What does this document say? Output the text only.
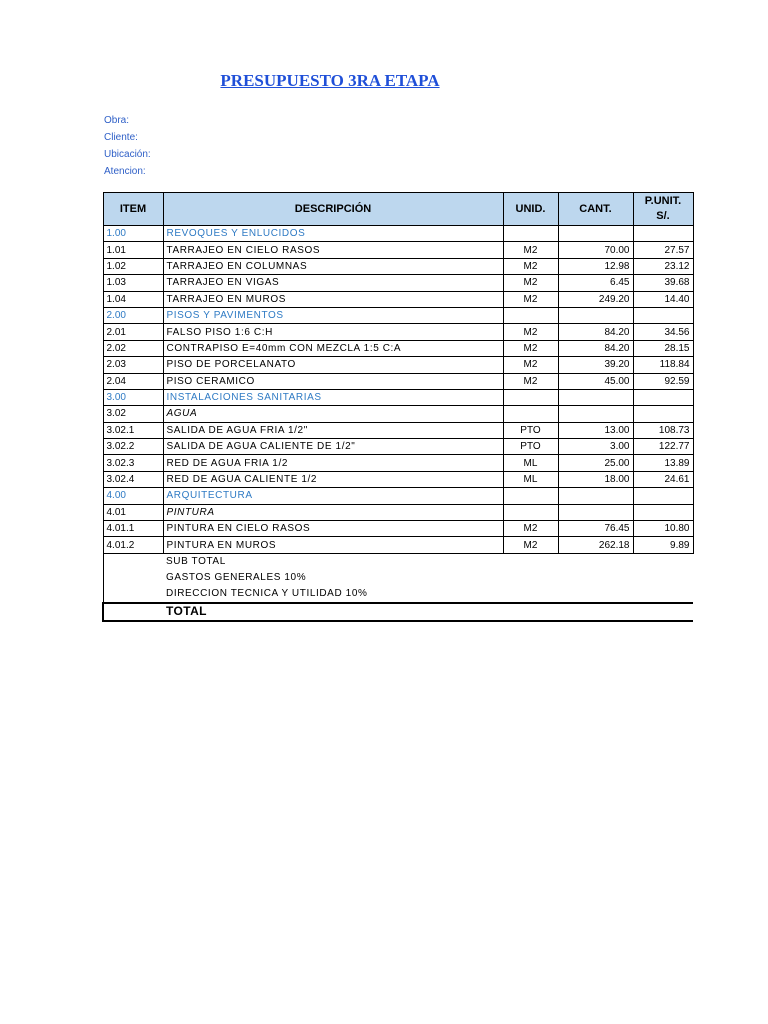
PRESUPUESTO 3RA ETAPA
Obra:
Cliente:
Ubicación:
Atencion:
ITEM	DESCRIPCIÓN	UNID.	CANT.	P.UNIT.
S/.

1.00	REVOQUES Y ENLUCIDOS			
1.01	TARRAJEO EN CIELO RASOS	M2	70.00	27.57
1.02	TARRAJEO EN COLUMNAS	M2	12.98	23.12
1.03	TARRAJEO EN VIGAS	M2	6.45	39.68
1.04	TARRAJEO EN MUROS	M2	249.20	14.40
2.00	PISOS Y PAVIMENTOS			
2.01	FALSO PISO 1:6 C:H	M2	84.20	34.56
2.02	CONTRAPISO E=40mm CON MEZCLA 1:5 C:A	M2	84.20	28.15
2.03	PISO DE PORCELANATO	M2	39.20	118.84
2.04	PISO CERAMICO	M2	45.00	92.59
3.00	INSTALACIONES SANITARIAS			
3.02	AGUA			
3.02.1	SALIDA DE AGUA FRIA 1/2"	PTO	13.00	108.73
3.02.2	SALIDA DE AGUA CALIENTE DE 1/2"	PTO	3.00	122.77
3.02.3	RED DE AGUA FRIA 1/2	ML	25.00	13.89
3.02.4	RED DE AGUA CALIENTE 1/2	ML	18.00	24.61
4.00	ARQUITECTURA			
4.01	PINTURA			
4.01.1	PINTURA EN CIELO RASOS	M2	76.45	10.80
4.01.2	PINTURA EN MUROS	M2	262.18	9.89
	SUB TOTAL			
	GASTOS GENERALES 10%			
	DIRECCION TECNICA Y UTILIDAD 10%			
	TOTAL			
